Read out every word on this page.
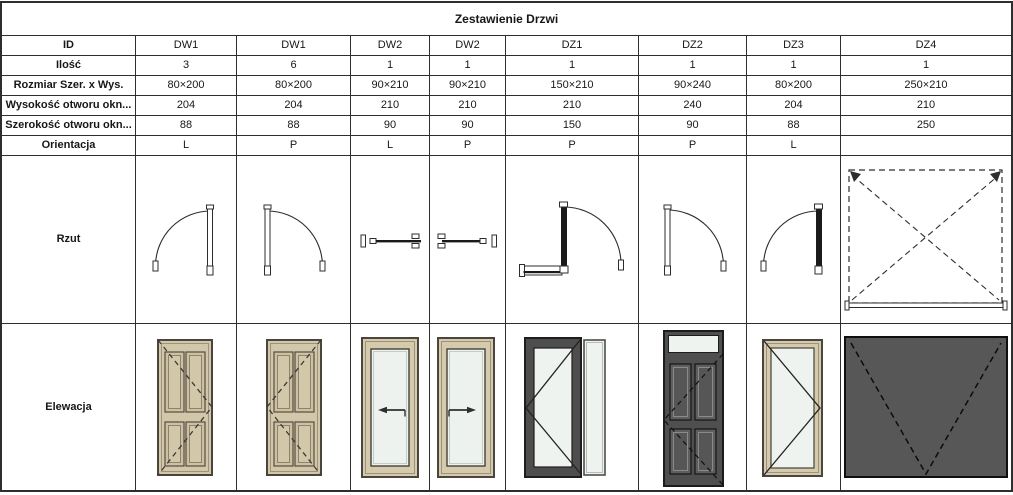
Zestawienie Drzwi
ID	DW1	DW1	DW2	DW2	DZ1	DZ2	DZ3	DZ4
Ilość	3	6	1	1	1	1	1	1
Rozmiar Szer. x Wys.	80×200	80×200	90×210	90×210	150×210	90×240	80×200	250×210
Wysokość otworu okn...	204	204	210	210	210	240	204	210
Szerokość otworu okn...	88	88	90	90	150	90	88	250
Orientacja	L	P	L	P	P	P	L
Rzut
Elewacja
